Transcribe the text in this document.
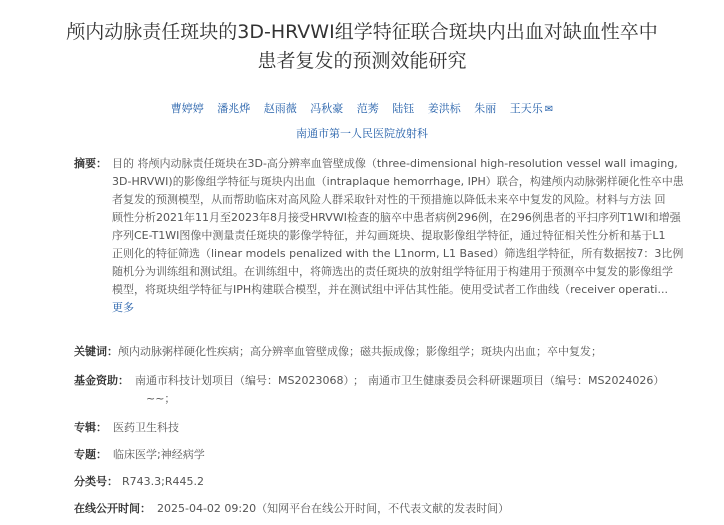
颅内动脉责任斑块的3D-HRVWI组学特征联合斑块内出血对缺血性卒中
患者复发的预测效能研究
曹婷婷 潘兆烨 赵雨薇 冯秋豪 范莠 陆钰 姜洪标 朱丽 王天乐 ✉
南通市第一人民医院放射科
摘要： 目的 将颅内动脉责任斑块在3D-高分辨率血管壁成像（three-dimensional high-resolution vessel wall imaging,

3D-HRVWI)的影像组学特征与斑块内出血（intraplaque hemorrhage, IPH）联合，构建颅内动脉粥样硬化性卒中患

者复发的预测模型，从而帮助临床对高风险人群采取针对性的干预措施以降低未来卒中复发的风险。材料与方法 回

顾性分析2021年11月至2023年8月接受HRVWI检查的脑卒中患者病例296例，在296例患者的平扫序列T1WI和增强

序列CE-T1WI图像中测量责任斑块的影像学特征，并勾画斑块、提取影像组学特征，通过特征相关性分析和基于L1

正则化的特征筛选（linear models penalized with the L1norm, L1 Based）筛选组学特征，所有数据按7：3比例

随机分为训练组和测试组。在训练组中，将筛选出的责任斑块的放射组学特征用于构建用于预测卒中复发的影像组学

模型，将斑块组学特征与IPH构建联合模型，并在测试组中评估其性能。使用受试者工作曲线（receiver operati...

更多

关键词：颅内动脉粥样硬化性疾病；高分辨率血管壁成像；磁共振成像；影像组学；斑块内出血；卒中复发；
基金资助： 南通市科技计划项目（编号：MS2023068） ； 南通市卫生健康委员会科研课题项目（编号：MS2024026）
~~；
专辑： 医药卫生科技
专题： 临床医学;神经病学
分类号： R743.3;R445.2
在线公开时间： 2025-04-02 09:20（知网平台在线公开时间，不代表文献的发表时间）
